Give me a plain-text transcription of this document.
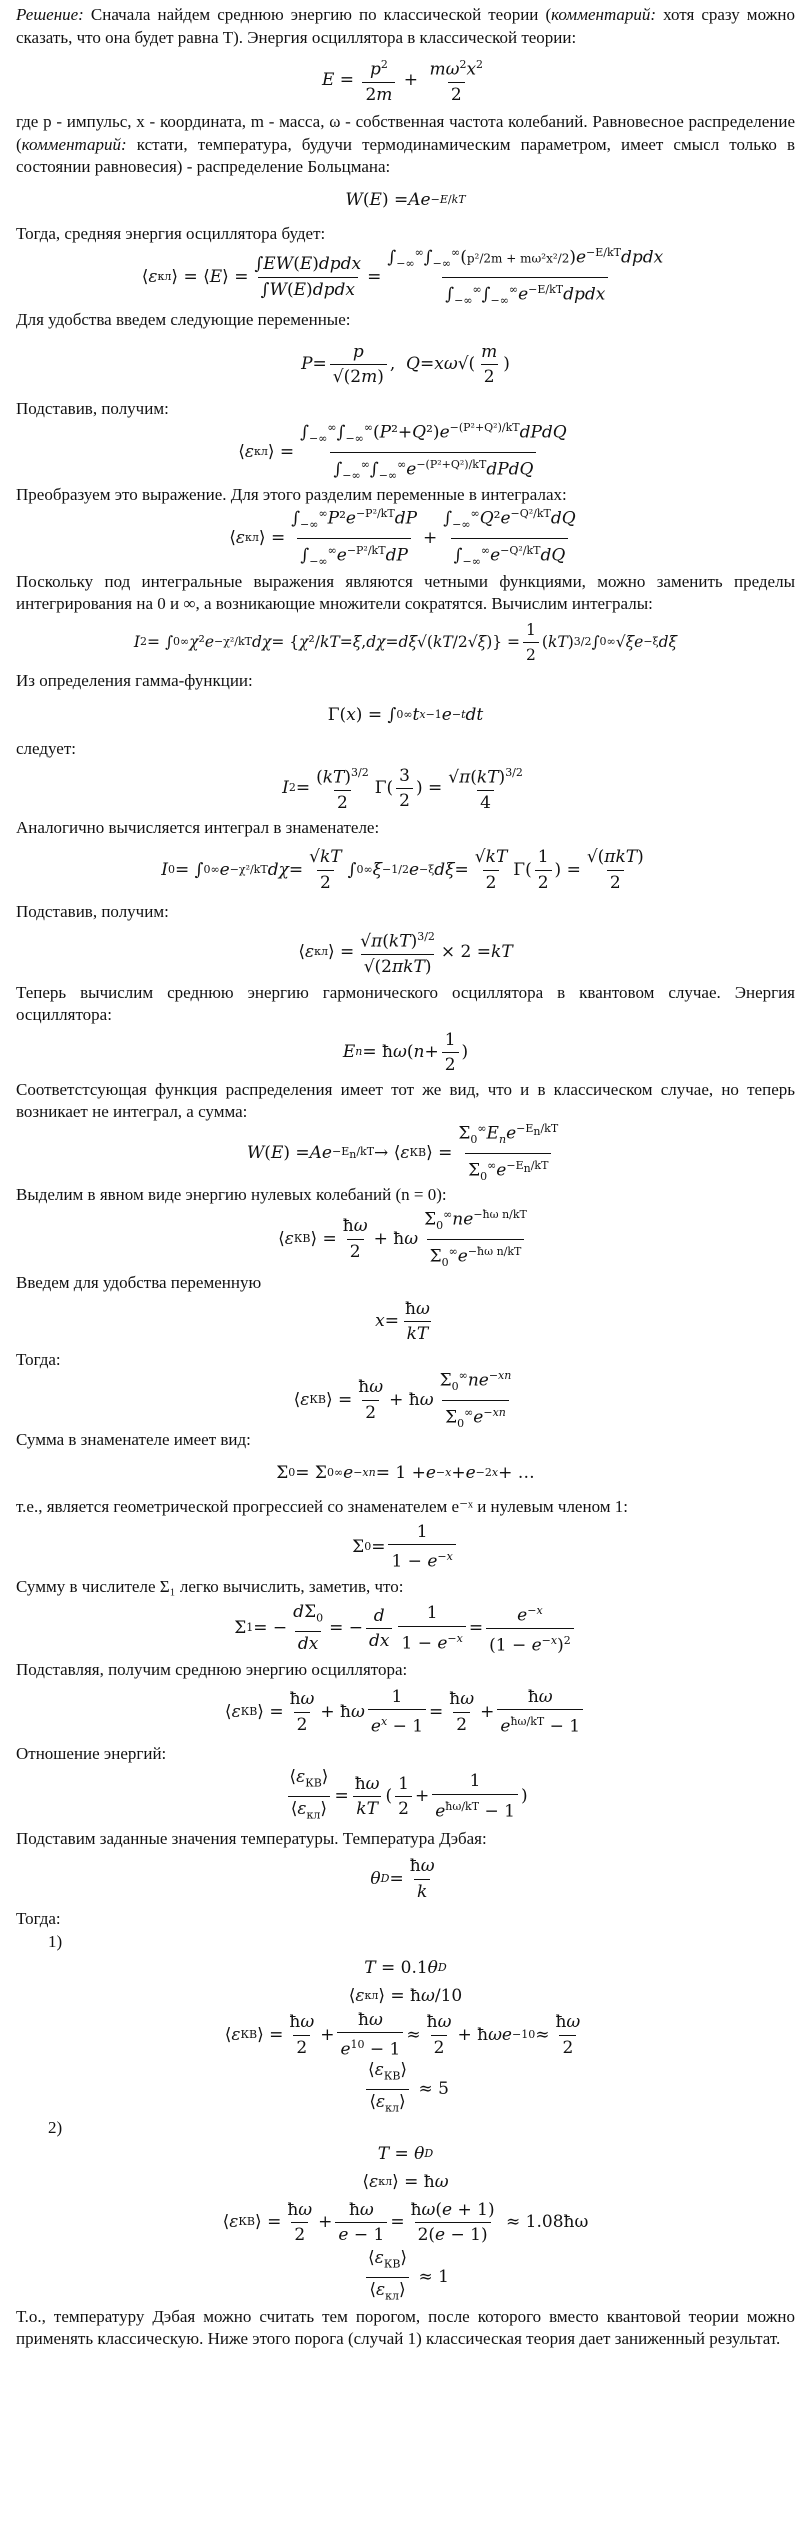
Решение: Сначала найдем среднюю энергию по классической теории (комментарий: хотя сразу можно сказать, что она будет равна T). Энергия осциллятора в классической теории:

$E = \frac{p^2}{2m} + \frac{m\omega^2x^2}{2}$

где p - импульс, x - координата, m - масса, ω - собственная частота колебаний. Равновесное распределение (комментарий: кстати, температура, будучи термодинамическим параметром, имеет смысл только в состоянии равновесия) - распределение Больцмана:

W ( E ) = Ae −E/kT

Тогда, средняя энергия осциллятора будет:

⟨ ε кл ⟩ = ⟨ E ⟩ = $\frac{\text{∫EW(E)dpdx}}{\text{∫W(E)dpdx}} = \frac{\int_{-\infty}^\infty\int_{-\infty}^\infty(p^2/2m + m\omega^2x^2/2)e^{-E/kT}dpdx}{\int_{-\infty}^\infty\int_{-\infty}^\infty e^{-E/kT}dpdx}$

Для удобства введем следующие переменные:

$P = \frac{p}{√(2m)}$ , Q = xω √( $\frac{m}{2}$ )

Подставив, получим:

⟨ ε кл ⟩ = $\frac{\int_{-\infty}^\infty\int_{-\infty}^\infty(P^2+Q^2)e^{-(P^2+Q^2)/kT}dPdQ}{\int_{-\infty}^\infty\int_{-\infty}^\infty e^{-(P^2+Q^2)/kT}dPdQ}$

Преобразуем это выражение. Для этого разделим переменные в интегралах:

⟨ ε кл ⟩ = $\frac{\int_{-\infty}^\infty P^2e^{-P^2/kT}dP}{\int_{-\infty}^\infty e^{-P^2/kT}dP} + \frac{\int_{-\infty}^\infty Q^2e^{-Q^2/kT}dQ}{\int_{-\infty}^\infty e^{-Q^2/kT}dQ}$

Поскольку под интегральные выражения являются четными функциями, можно заменить пределы интегрирования на 0 и ∞, а возникающие множители сократятся. Вычислим интегралы:

I 2 = ∫ 0 ∞ χ ² e −χ²/kT dχ = { χ ²/ kT = ξ , dχ = dξ √( kT /2√ ξ )} = $\frac{1}{2}$ ( kT ) 3/2 ∫ 0 ∞ √ ξ e −ξ dξ

Из определения гамма-функции:

Γ( x ) = ∫ 0 ∞ t x−1 e −t dt

следует:

I $2 = \frac{(kT)^{3/2}}{2} \Gamma( \frac{3}{2}$ ) = $\frac{√\pi(kT)^{3/2}}{4}$

Аналогично вычисляется интеграл в знаменателе:

I 0 = ∫ 0 ∞ e −χ²/kT $d\chi = \frac{√kT}{2}$ ∫ 0 ∞ ξ −1/2 e −ξ $d\xi = \frac{√kT}{2} \Gamma( \frac{1}{2}$ ) = $\frac{\text{√(πkT)}}{2}$

Подставив, получим:

⟨ ε кл ⟩ = $\frac{√\pi(kT)^{3/2}}{\text{√(2πkT)}} \times 2$ = kT

Теперь вычислим среднюю энергию гармонического осциллятора в квантовом случае. Энергия осциллятора:

E n = ħ ω ( $n + \frac{1}{2}$ )

Соответстсующая функция распределения имеет тот же вид, что и в классическом случае, но теперь возникает не интеграл, а сумма:

W ( E ) = $Ae -E_n/kT$ → ⟨ ε КВ ⟩ = $\frac{\Sigma_0^\infty E_ne^{-E_n/kT}}{\Sigma_0^\infty e^{-E_n/kT}}$

Выделим в явном виде энергию нулевых колебаний (n = 0):

⟨ ε КВ ⟩ = $\frac{ħ\omega}{2}$ + ħ ω $\frac{\Sigma_0^\infty ne^{-ħ\omega n/kT}}{\Sigma_0^\infty e^{-ħ\omega n/kT}}$

Введем для удобства переменную

$x = \frac{ħ\omega}{kT}$

Тогда:

⟨ ε КВ ⟩ = $\frac{ħ\omega}{2}$ + ħ ω $\frac{\Sigma_0^\infty ne^{-xn}}{\Sigma_0^\infty e^{-xn}}$

Сумма в знаменателе имеет вид:

Σ 0 = Σ 0 ∞ e −xn = 1 + e −x + e −2x + …

т.е., является геометрической прогрессией со знаменателем e⁻ˣ и нулевым членом 1:

Σ $0 = \frac{1}{1 - e^{-x}}$

Сумму в числителе Σ₁ легко вычислить, заметив, что:

Σ 1 = − $\frac{d\Sigma_0}{dx}$ = − $\frac{d}{dx} \frac{1}{1 - e^{-x}} = \frac{e^{-x}}{(1 - e^{-x})^2}$

Подставляя, получим среднюю энергию осциллятора:

⟨ ε КВ ⟩ = $\frac{ħ\omega}{2}$ + ħ ω $\frac{1}{e^x - 1} = \frac{ħ\omega}{2} + \frac{ħ\omega}{e^{ħ\omega/kT} - 1}$

Отношение энергий:

$\frac{⟨\varepsilon_{КВ}⟩}{⟨\varepsilon_{кл}⟩} = \frac{ħ\omega}{kT}$ ( $\frac{1}{2} + \frac{1}{e^{ħ\omega/kT} - 1}$ )

Подставим заданные значения температуры. Температура Дэбая:

θ $D = \frac{ħ\omega}{k}$

Тогда:

1)

T = 0.1 θ D
⟨ ε кл ⟩ = ħ ω /10
⟨ ε КВ ⟩ = $\frac{ħ\omega}{2} + \frac{ħ\omega}{e^{10} - 1} \approx \frac{ħ\omega}{2}$ + ħ $\omega e -10 \approx \frac{ħ\omega}{2}$
$\frac{⟨\varepsilon_{КВ}⟩}{⟨\varepsilon_{кл}⟩}$
≈ 5

2)

T = θ D
⟨ ε кл ⟩ = ħ ω
⟨ ε КВ ⟩ = $\frac{ħ\omega}{2} + \frac{ħ\omega}{e - 1} = \frac{ħ\omega(e + 1)}{2(e - 1)}$
≈ 1.08ħω
$\frac{⟨\varepsilon_{КВ}⟩}{⟨\varepsilon_{кл}⟩}$
≈ 1

Т.о., температуру Дэбая можно считать тем порогом, после которого вместо квантовой теории можно применять классическую. Ниже этого порога (случай 1) классическая теория дает заниженный результат.
